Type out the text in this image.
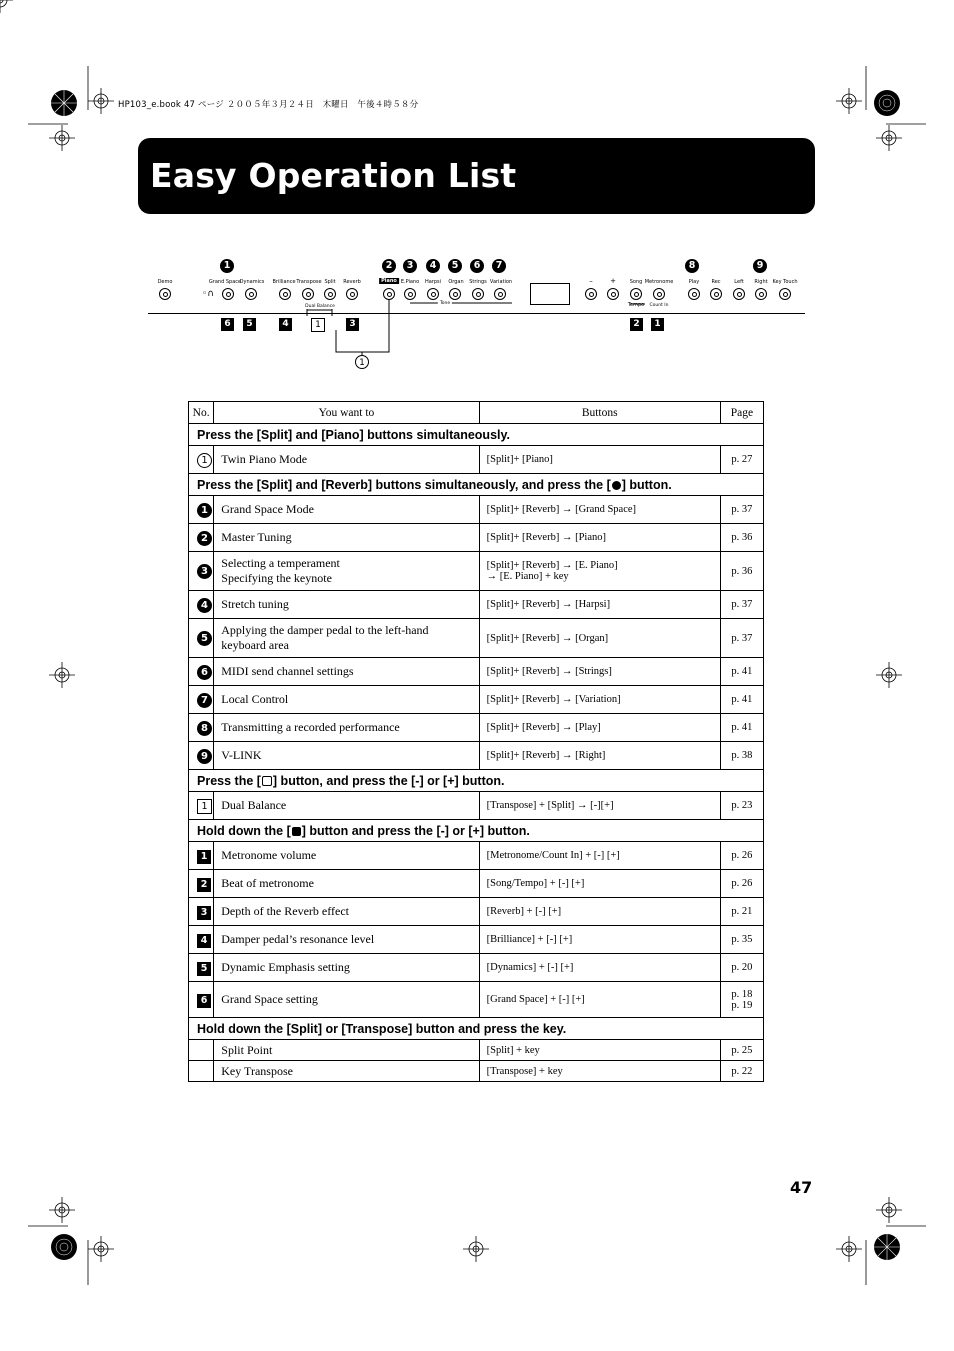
HP103_e.book 47 ページ ２００５年３月２４日　木曜日　午後４時５８分
Easy Operation List
1	2	3	4	5	6	7	8	9
Demo	Grand Space
Dynamics Brilliance Transpose Split Reverb	Piano E.Piano Harpsi Organ Strings Variation	– +	Song Metronome	Play Rec	Left Right Key Touch
◦∩
Dual Balance
Tone	Tempo Count In
6	5	4	1	3	2	1
1
No.	You want to	Buttons	Page
Press the [Split] and [Piano] buttons simultaneously.			
1	Twin Piano Mode	[Split]+ [Piano]	p. 27
Press the [Split] and [Reverb] buttons simultaneously, and press the [ ] button.			
1	Grand Space Mode	[Split]+ [Reverb] → [Grand Space]	p. 37
2	Master Tuning	[Split]+ [Reverb] → [Piano]	p. 36
3	Selecting a temperament
Specifying the keynote	[Split]+ [Reverb] → [E. Piano]
→ [E. Piano] + key	p. 36
4	Stretch tuning	[Split]+ [Reverb] → [Harpsi]	p. 37
5	Applying the damper pedal to the left-hand
keyboard area	[Split]+ [Reverb] → [Organ]	p. 37
6	MIDI send channel settings	[Split]+ [Reverb] → [Strings]	p. 41
7	Local Control	[Split]+ [Reverb] → [Variation]	p. 41
8	Transmitting a recorded performance	[Split]+ [Reverb] → [Play]	p. 41
9	V-LINK	[Split]+ [Reverb] → [Right]	p. 38
Press the [ ] button, and press the [-] or [+] button.			
1	Dual Balance	[Transpose] + [Split] → [-][+]	p. 23
Hold down the [ ] button and press the [-] or [+] button.			
1	Metronome volume	[Metronome/Count In] + [-] [+]	p. 26
2	Beat of metronome	[Song/Tempo] + [-] [+]	p. 26
3	Depth of the Reverb effect	[Reverb] + [-] [+]	p. 21
4	Damper pedal’s resonance level	[Brilliance] + [-] [+]	p. 35
5	Dynamic Emphasis setting	[Dynamics] + [-] [+]	p. 20
6	Grand Space setting	[Grand Space] + [-] [+]	p. 18
p. 19

Hold down the [Split] or [Transpose] button and press the key.			
	Split Point	[Split] + key	p. 25
	Key Transpose	[Transpose] + key	p. 22
47
